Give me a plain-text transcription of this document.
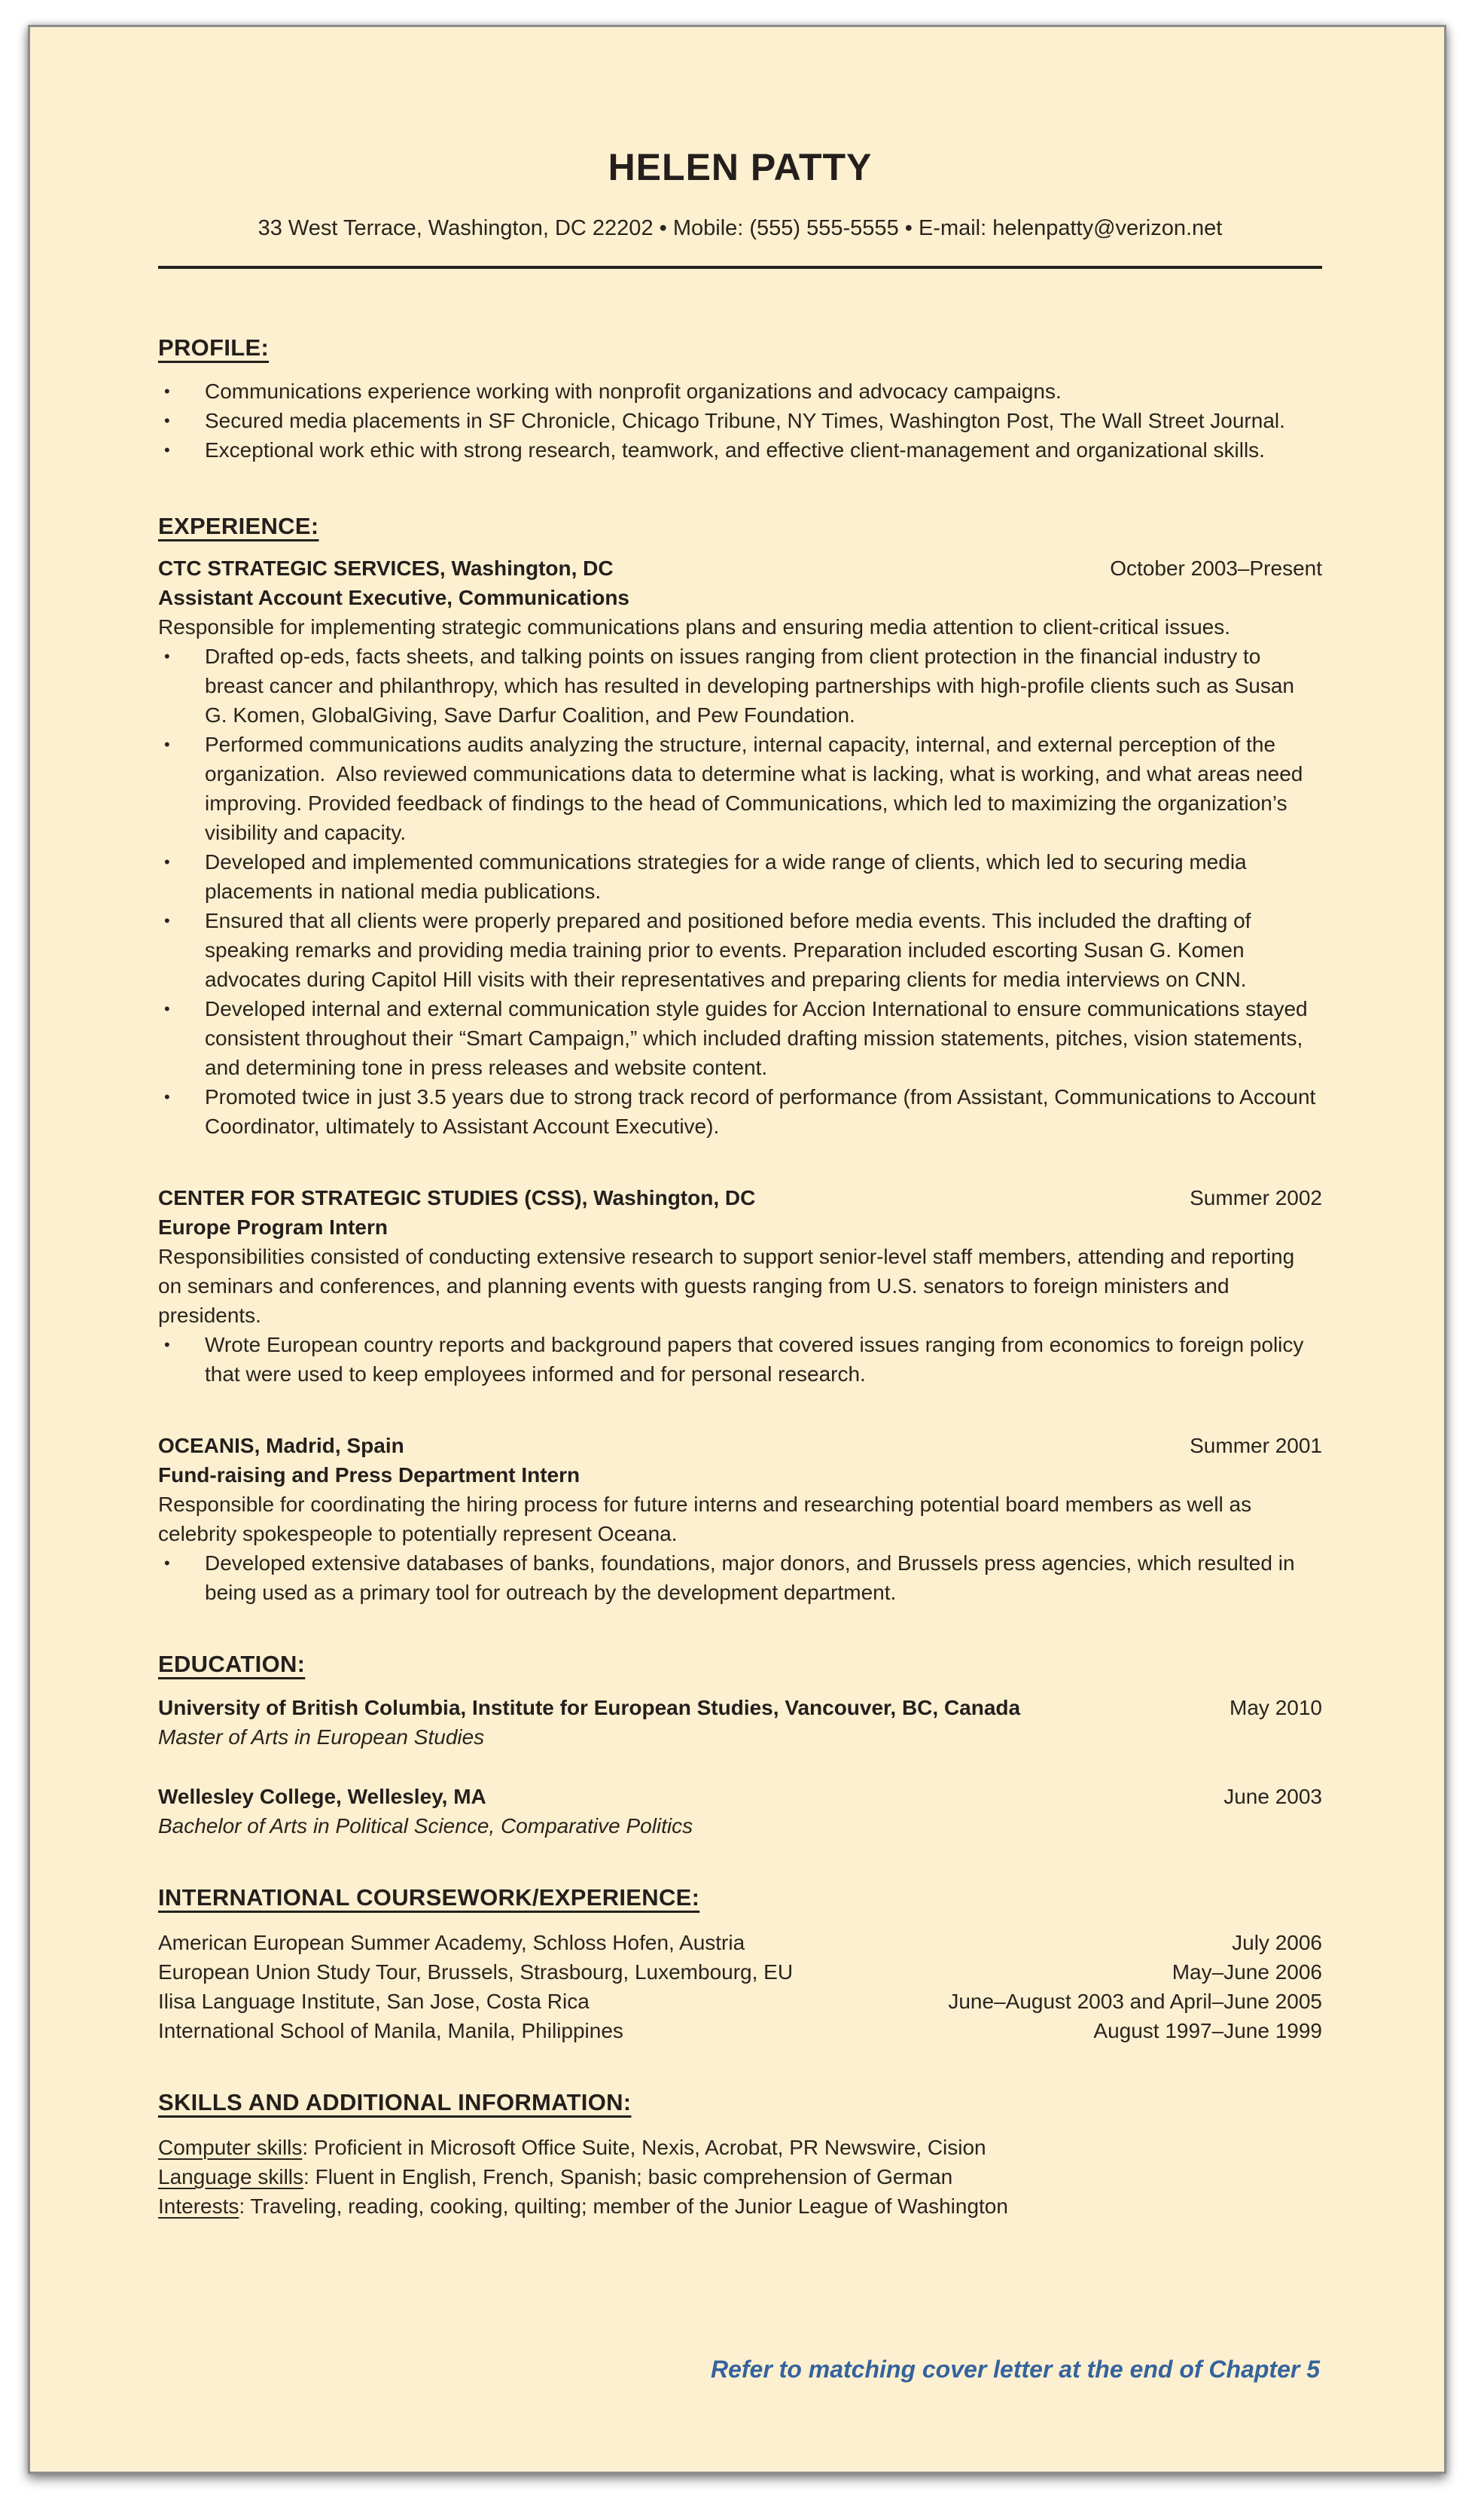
HELEN PATTY
33 West Terrace, Washington, DC 22202 • Mobile: (555) 555-5555 • E-mail: helenpatty@verizon.net
PROFILE:
•	Communications experience working with nonprofit organizations and advocacy campaigns.
•	Secured media placements in SF Chronicle, Chicago Tribune, NY Times, Washington Post, The Wall Street Journal.
•	Exceptional work ethic with strong research, teamwork, and effective client-management and organizational skills.
EXPERIENCE:
CTC STRATEGIC SERVICES, Washington, DC	October 2003–Present
Assistant Account Executive, Communications
Responsible for implementing strategic communications plans and ensuring media attention to client-critical issues.
•	Drafted op-eds, facts sheets, and talking points on issues ranging from client protection in the financial industry to breast cancer and philanthropy, which has resulted in developing partnerships with high-profile clients such as Susan G. Komen, GlobalGiving, Save Darfur Coalition, and Pew Foundation.
•	Performed communications audits analyzing the structure, internal capacity, internal, and external perception of the organization.  Also reviewed communications data to determine what is lacking, what is working, and what areas need improving. Provided feedback of findings to the head of Communications, which led to maximizing the organization’s visibility and capacity.
•	Developed and implemented communications strategies for a wide range of clients, which led to securing media placements in national media publications.
•	Ensured that all clients were properly prepared and positioned before media events. This included the drafting of speaking remarks and providing media training prior to events. Preparation included escorting Susan G. Komen advocates during Capitol Hill visits with their representatives and preparing clients for media interviews on CNN.
•	Developed internal and external communication style guides for Accion International to ensure communications stayed consistent throughout their “Smart Campaign,” which included drafting mission statements, pitches, vision statements, and determining tone in press releases and website content.
•	Promoted twice in just 3.5 years due to strong track record of performance (from Assistant, Communications to Account Coordinator, ultimately to Assistant Account Executive).
CENTER FOR STRATEGIC STUDIES (CSS), Washington, DC	Summer 2002
Europe Program Intern
Responsibilities consisted of conducting extensive research to support senior-level staff members, attending and reporting on seminars and conferences, and planning events with guests ranging from U.S. senators to foreign ministers and presidents.
•	Wrote European country reports and background papers that covered issues ranging from economics to foreign policy that were used to keep employees informed and for personal research.
OCEANIS, Madrid, Spain	Summer 2001
Fund-raising and Press Department Intern
Responsible for coordinating the hiring process for future interns and researching potential board members as well as celebrity spokespeople to potentially represent Oceana.
•	Developed extensive databases of banks, foundations, major donors, and Brussels press agencies, which resulted in being used as a primary tool for outreach by the development department.
EDUCATION:
University of British Columbia, Institute for European Studies, Vancouver, BC, Canada	May 2010
Master of Arts in European Studies
Wellesley College, Wellesley, MA	June 2003
Bachelor of Arts in Political Science, Comparative Politics
INTERNATIONAL COURSEWORK/EXPERIENCE:
American European Summer Academy, Schloss Hofen, Austria	July 2006
European Union Study Tour, Brussels, Strasbourg, Luxembourg, EU	May–June 2006
Ilisa Language Institute, San Jose, Costa Rica	June–August 2003 and April–June 2005
International School of Manila, Manila, Philippines	August 1997–June 1999
SKILLS AND ADDITIONAL INFORMATION:
Computer skills: Proficient in Microsoft Office Suite, Nexis, Acrobat, PR Newswire, Cision
Language skills: Fluent in English, French, Spanish; basic comprehension of German
Interests: Traveling, reading, cooking, quilting; member of the Junior League of Washington
Refer to matching cover letter at the end of Chapter 5
